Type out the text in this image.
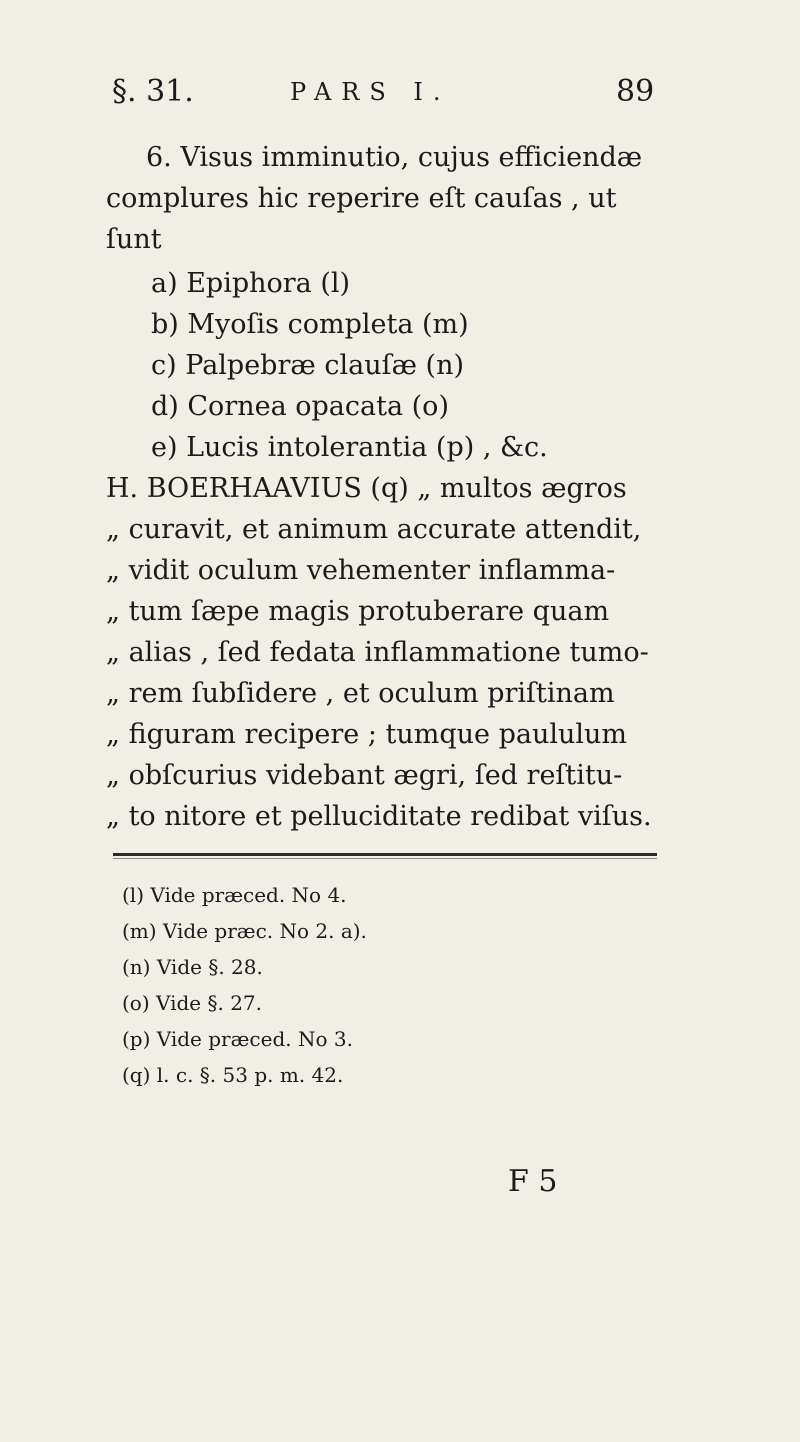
§. 31.	PARS I.	89
6. Visus imminutio, cujus efficiendæ
complures hic reperire eſt cauſas , ut
ſunt
a) Epiphora (l)
b) Myoſis completa (m)
c) Palpebræ clauſæ (n)
d) Cornea opacata (o)
e) Lucis intolerantia (p) , &c.
H. BOERHAAVIUS (q) „ multos ægros
„ curavit, et animum accurate attendit,
„ vidit oculum vehementer inflamma-
„ tum ſæpe magis protuberare quam
„ alias , ſed fedata inflammatione tumo-
„ rem ſubſidere , et oculum priſtinam
„ figuram recipere ; tumque paululum
„ obſcurius videbant ægri, ſed reſtitu-
„ to nitore et pelluciditate redibat viſus.
(l) Vide præced. No 4.
(m) Vide præc. No 2. a).
(n) Vide §. 28.
(o) Vide §. 27.
(p) Vide præced. No 3.
(q) l. c. §. 53 p. m. 42.
F 5
